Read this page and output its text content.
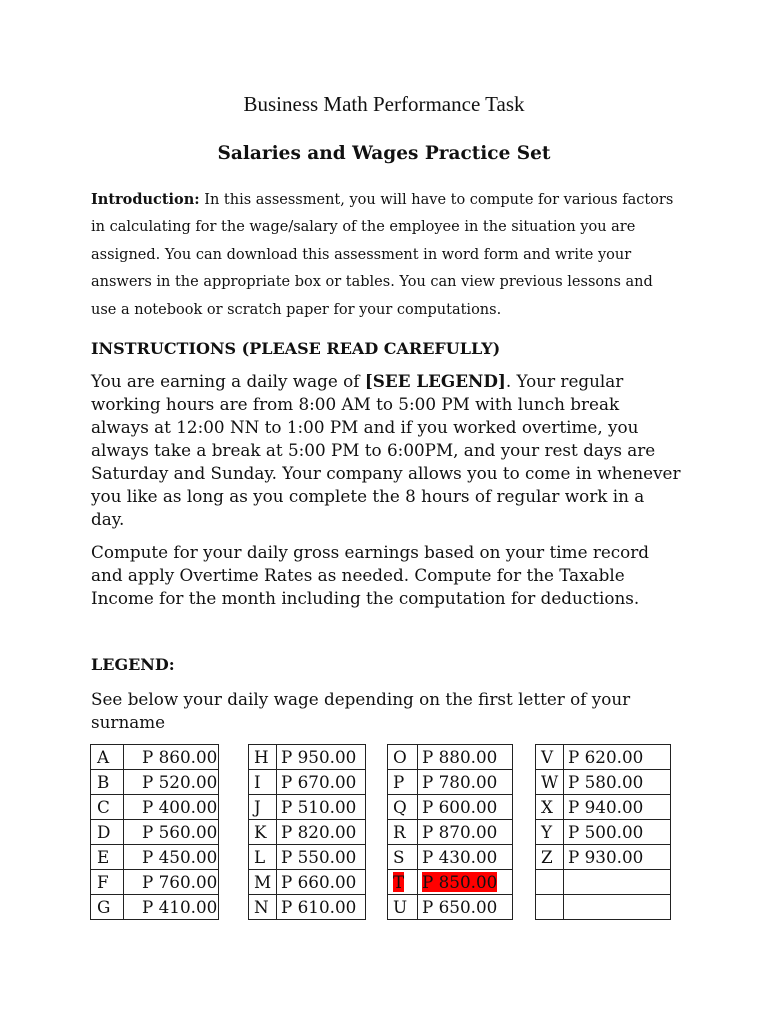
Business Math Performance Task
Salaries and Wages Practice Set
Introduction: In this assessment, you will have to compute for various factors in calculating for the wage/salary of the employee in the situation you are assigned. You can download this assessment in word form and write your answers in the appropriate box or tables. You can view previous lessons and use a notebook or scratch paper for your computations.
INSTRUCTIONS (PLEASE READ CAREFULLY)
You are earning a daily wage of [SEE LEGEND]. Your regular working hours are from 8:00 AM to 5:00 PM with lunch break always at 12:00 NN to 1:00 PM and if you worked overtime, you always take a break at 5:00 PM to 6:00PM, and your rest days are Saturday and Sunday. Your company allows you to come in whenever you like as long as you complete the 8 hours of regular work in a day.
Compute for your daily gross earnings based on your time record and apply Overtime Rates as needed. Compute for the Taxable Income for the month including the computation for deductions.
LEGEND:
See below your daily wage depending on the first letter of your surname
A	P 860.00
B	P 520.00
C	P 400.00
D	P 560.00
E	P 450.00
F	P 760.00
G	P 410.00
H	P 950.00
I	P 670.00
J	P 510.00
K	P 820.00
L	P 550.00
M	P 660.00
N	P 610.00
O	P 880.00
P	P 780.00
Q	P 600.00
R	P 870.00
S	P 430.00
T	P 850.00
U	P 650.00
V	P 620.00
W	P 580.00
X	P 940.00
Y	P 500.00
Z	P 930.00
